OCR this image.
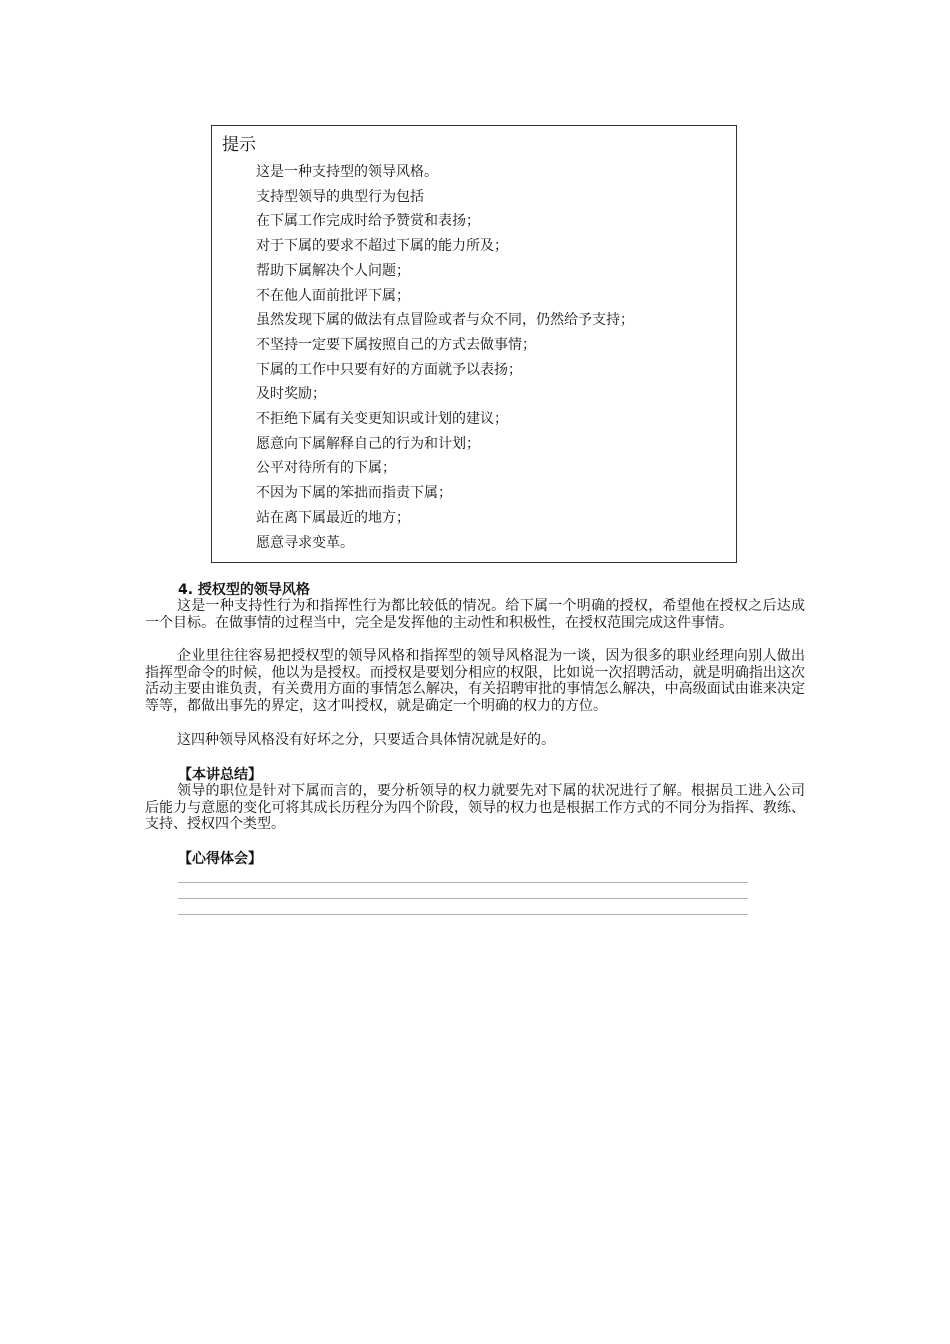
提示
这是一种支持型的领导风格。
支持型领导的典型行为包括
在下属工作完成时给予赞赏和表扬；
对于下属的要求不超过下属的能力所及；
帮助下属解决个人问题；
不在他人面前批评下属；
虽然发现下属的做法有点冒险或者与众不同，仍然给予支持；
不坚持一定要下属按照自己的方式去做事情；
下属的工作中只要有好的方面就予以表扬；
及时奖励；
不拒绝下属有关变更知识或计划的建议；
愿意向下属解释自己的行为和计划；
公平对待所有的下属；
不因为下属的笨拙而指责下属；
站在离下属最近的地方；
愿意寻求变革。
4. 授权型的领导风格

这是一种支持性行为和指挥性行为都比较低的情况。给下属一个明确的授权，希望他在授权之后达成一个目标。在做事情的过程当中，完全是发挥他的主动性和积极性，在授权范围完成这件事情。

企业里往往容易把授权型的领导风格和指挥型的领导风格混为一谈，因为很多的职业经理向别人做出指挥型命令的时候，他以为是授权。而授权是要划分相应的权限，比如说一次招聘活动，就是明确指出这次活动主要由谁负责，有关费用方面的事情怎么解决，有关招聘审批的事情怎么解决，中高级面试由谁来决定等等，都做出事先的界定，这才叫授权，就是确定一个明确的权力的方位。

这四种领导风格没有好坏之分，只要适合具体情况就是好的。

【本讲总结】

领导的职位是针对下属而言的，要分析领导的权力就要先对下属的状况进行了解。根据员工进入公司后能力与意愿的变化可将其成长历程分为四个阶段，领导的权力也是根据工作方式的不同分为指挥、教练、支持、授权四个类型。

【心得体会】
